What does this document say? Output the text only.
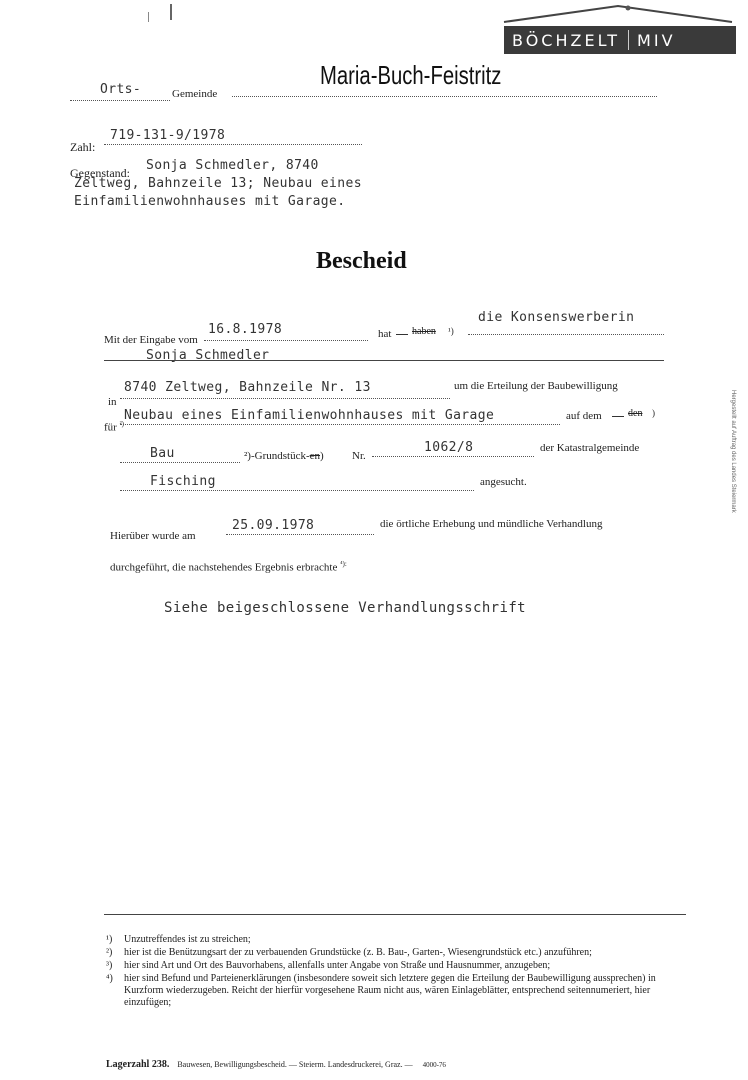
BÖCHZELT MIV
Orts-	Gemeinde
Maria-Buch-Feistritz
Zahl:
719-131-9/1978
Gegenstand: Sonja Schmedler, 8740
Zeltweg, Bahnzeile 13; Neubau eines
Einfamilienwohnhauses mit Garage.
Bescheid
Mit der Eingabe vom
16.8.1978	hat haben ¹)
die Konsenswerberin
Sonja Schmedler
in
8740 Zeltweg, Bahnzeile Nr. 13	um die Erteilung der Baubewilligung
für $^{^2)}$
Neubau eines Einfamilienwohnhauses mit Garage	auf dem	den )
Bau	²)-Grundstück-en)	Nr.
1062/8	der Katastralgemeinde
Fisching	angesucht.
Hierüber wurde am
25.09.1978	die örtliche Erhebung und mündliche Verhandlung
durchgeführt, die nachstehendes Ergebnis erbrachte $^{^4):}$
Siehe beigeschlossene Verhandlungsschrift
Hergestellt auf Auftrag des Landes Steiermark
¹)	Unzutreffendes ist zu streichen;
²)	hier ist die Benützungsart der zu verbauenden Grundstücke (z. B. Bau-, Garten-, Wiesengrundstück etc.) anzuführen;
³)	hier sind Art und Ort des Bauvorhabens, allenfalls unter Angabe von Straße und Hausnummer, anzugeben;
⁴)	hier sind Befund und Parteienerklärungen (insbesondere soweit sich letztere gegen die Erteilung der Baubewilligung aussprechen) in Kurzform wiederzugeben. Reicht der hierfür vorgesehene Raum nicht aus, wären Einlageblätter, entsprechend seitennumeriert, hier einzufügen;
Lagerzahl 238. Bauwesen, Bewilligungsbescheid. — Steierm. Landesdruckerei, Graz. — 4000-76
